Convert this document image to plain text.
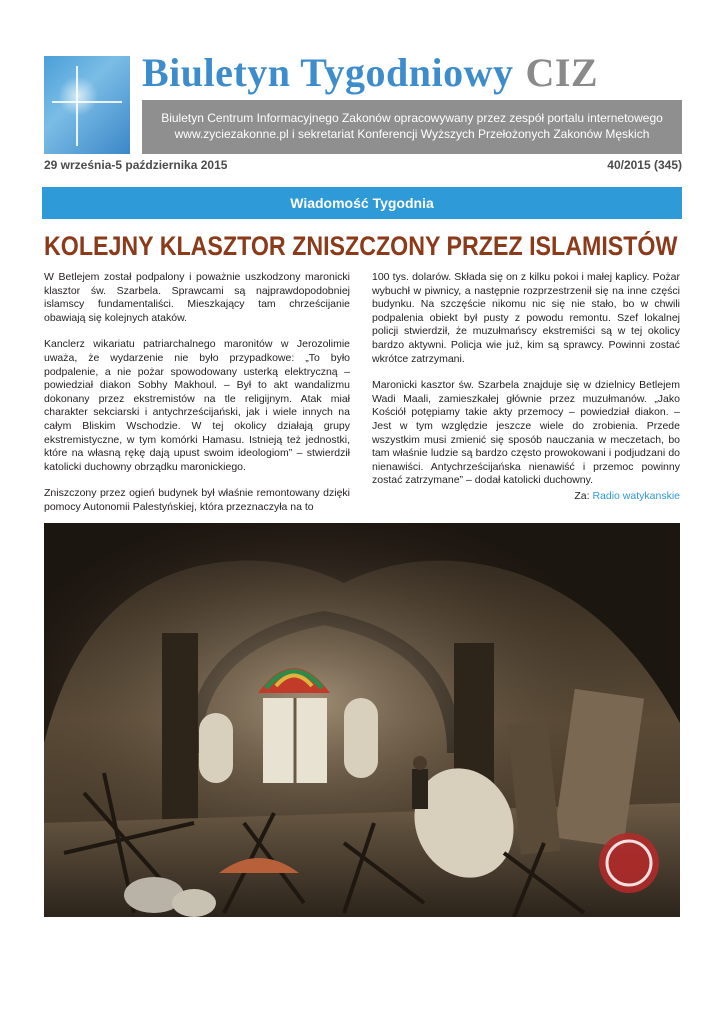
Biuletyn Tygodniowy CIZ
Biuletyn Centrum Informacyjnego Zakonów opracowywany przez zespół portalu internetowego
www.zyciezakonne.pl i sekretariat Konferencji Wyższych Przełożonych Zakonów Męskich
29 września-5 października 2015	40/2015 (345)
Wiadomość Tygodnia
KOLEJNY KLASZTOR ZNISZCZONY PRZEZ ISLAMISTÓW

W Betlejem został podpalony i poważnie uszkodzony maronicki klasztor św. Szarbela. Sprawcami są najprawdopodobniej islamscy fundamentaliści. Mieszkający tam chrześcijanie obawiają się kolejnych ataków.

Kanclerz wikariatu patriarchalnego maronitów w Jerozolimie uważa, że wydarzenie nie było przypadkowe: „To było podpalenie, a nie pożar spowodowany usterką elektryczną – powiedział diakon Sobhy Makhoul. – Był to akt wandalizmu dokonany przez ekstremistów na tle religijnym. Atak miał charakter sekciarski i antychrześcijański, jak i wiele innych na całym Bliskim Wschodzie. W tej okolicy działają grupy ekstremistyczne, w tym komórki Hamasu. Istnieją też jednostki, które na własną rękę dają upust swoim ideologiom” – stwierdził katolicki duchowny obrządku maronickiego.

Zniszczony przez ogień budynek był właśnie remontowany dzięki pomocy Autonomii Palestyńskiej, która przeznaczyła na to

100 tys. dolarów. Składa się on z kilku pokoi i małej kaplicy. Pożar wybuchł w piwnicy, a następnie rozprzestrzenił się na inne części budynku. Na szczęście nikomu nic się nie stało, bo w chwili podpalenia obiekt był pusty z powodu remontu. Szef lokalnej policji stwierdził, że muzułmańscy ekstremiści są w tej okolicy bardzo aktywni. Policja wie już, kim są sprawcy. Powinni zostać wkrótce zatrzymani.

Maronicki kasztor św. Szarbela znajduje się w dzielnicy Betlejem Wadi Maali, zamieszkałej głównie przez muzułmanów. „Jako Kościół potępiamy takie akty przemocy – powiedział diakon. – Jest w tym względzie jeszcze wiele do zrobienia. Przede wszystkim musi zmienić się sposób nauczania w meczetach, bo tam właśnie ludzie są bardzo często prowokowani i podjudzani do nienawiści. Antychrześcijańska nienawiść i przemoc powinny zostać zatrzymane” – dodał katolicki duchowny.

Za: Radio watykanskie
